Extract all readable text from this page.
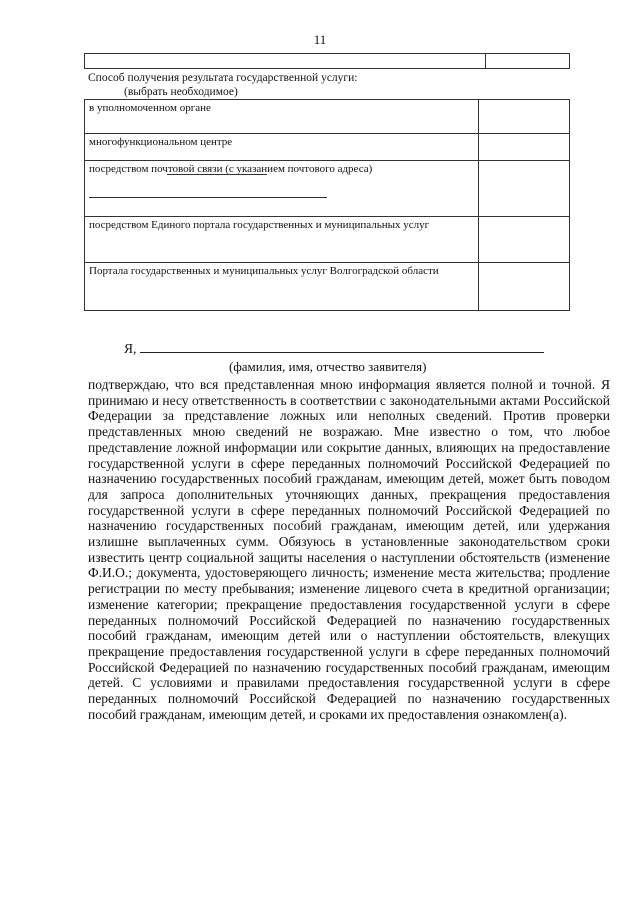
11
Способ получения результата государственной услуги:
(выбрать необходимое)
в уполномоченном органе	

многофункциональном центре	

посредством почтовой связи (с указанием почтового адреса)	

посредством Единого портала государственных и муниципальных услуг	

Портала государственных и муниципальных услуг Волгоградской области	

Я,
(фамилия, имя, отчество заявителя)
подтверждаю, что вся представленная мною информация является полной и точной. Я принимаю и несу ответственность в соответствии с законодательными актами Российской Федерации за представление ложных или неполных сведений. Против проверки представленных мною сведений не возражаю. Мне известно о том, что любое представление ложной информации или сокрытие данных, влияющих на предоставление государственной услуги в сфере переданных полномочий Российской Федерацией по назначению государственных пособий гражданам, имеющим детей, может быть поводом для запроса дополнительных уточняющих данных, прекращения предоставления государственной услуги в сфере переданных полномочий Российской Федерацией по назначению государственных пособий гражданам, имеющим детей, или удержания излишне выплаченных сумм. Обязуюсь в установленные законодательством сроки известить центр социальной защиты населения о наступлении обстоятельств (изменение Ф.И.О.; документа, удостоверяющего личность; изменение места жительства; продление регистрации по месту пребывания; изменение лицевого счета в кредитной организации; изменение категории; прекращение предоставления государственной услуги в сфере переданных полномочий Российской Федерацией по назначению государственных пособий гражданам, имеющим детей или о наступлении обстоятельств, влекущих прекращение предоставления государственной услуги в сфере переданных полномочий Российской Федерацией по назначению государственных пособий гражданам, имеющим детей. С условиями и правилами предоставления государственной услуги в сфере переданных полномочий Российской Федерацией по назначению государственных пособий гражданам, имеющим детей, и сроками их предоставления ознакомлен(а).
